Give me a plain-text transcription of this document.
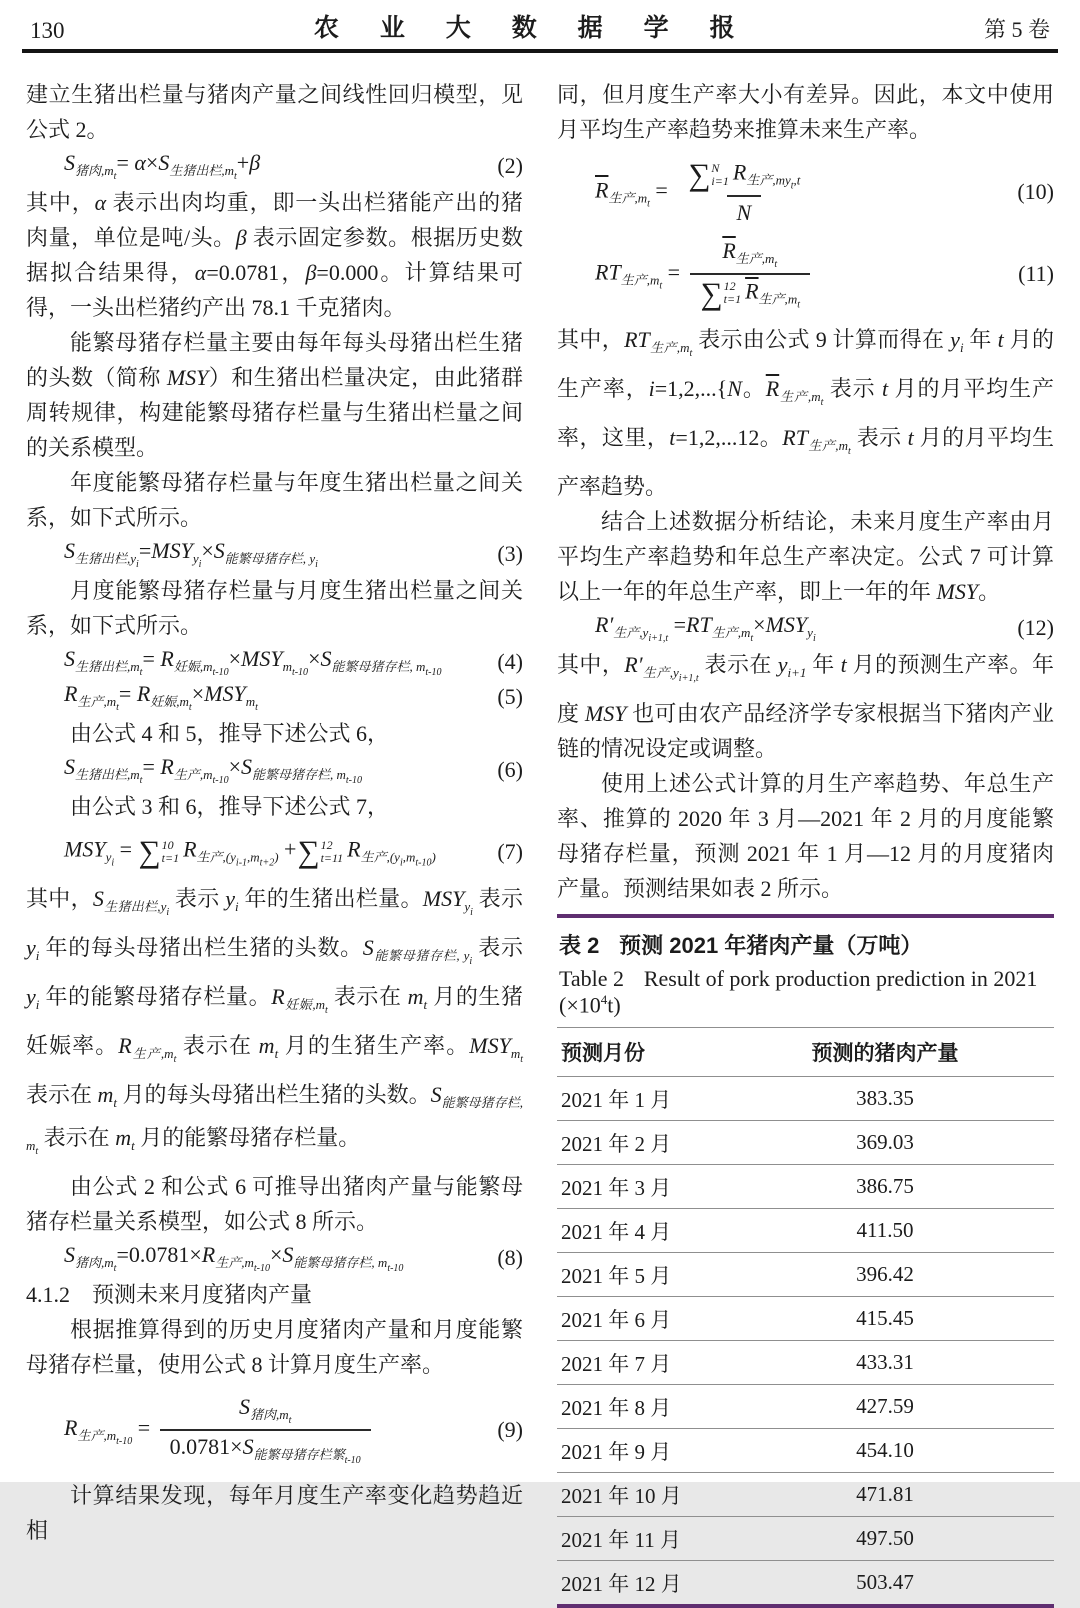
130	农 业 大 数 据 学 报	第 5 卷

建立生猪出栏量与猪肉产量之间线性回归模型，见公式 2。

$S_{猪肉,mt}= \alpha\times S_{生猪出栏,mt}+\beta$	(2)

其中，α 表示出肉均重，即一头出栏猪能产出的猪肉量，单位是吨/头。β 表示固定参数。根据历史数据拟合结果得，α=0.0781，β=0.000。计算结果可得，一头出栏猪约产出 78.1 千克猪肉。

能繁母猪存栏量主要由每年每头母猪出栏生猪的头数（简称 MSY）和生猪出栏量决定，由此猪群周转规律，构建能繁母猪存栏量与生猪出栏量之间的关系模型。

年度能繁母猪存栏量与年度生猪出栏量之间关系，如下式所示。

$S_{生猪出栏,yi}=MSY_{yi}\times S_{能繁母猪存栏,}$ $_{yi}$	(3)

月度能繁母猪存栏量与月度生猪出栏量之间关系，如下式所示。

$S_{生猪出栏,mt}= R_{妊娠,mt-10}\times MSY_{mt-10}\times S_{能繁母猪存栏,}$ $_{mt-10}$	(4)
$R_{生产,mt}= R_{妊娠,mt}\times MSY_{mt}$	(5)

由公式 4 和 5，推导下述公式 6，

$S_{生猪出栏,mt}= R_{生产,mt-10}\times S_{能繁母猪存栏,}$ $_{mt-10}$	(6)

由公式 3 和 6，推导下述公式 7，

$MSY_{yi}$ = ∑ 10
t=1 $R_{生产,(yi-1,mt+2)}$ + ∑ 12
t=11 $R_{生产,(yi,mt-10)}$	(7)

其中，$S_{生猪出栏,yi}$ 表示 $y_i$ 年的生猪出栏量。$MSY_{yi}$ 表示 $y_i$ 年的每头母猪出栏生猪的头数。$S_{能繁母猪存栏,}$ $_{yi}$ 表示 $y_i$ 年的能繁母猪存栏量。$R_{妊娠,mt}$ 表示在 $m_t$ 月的生猪妊娠率。$R_{生产,mt}$ 表示在 $m_t$ 月的生猪生产率。$MSY_{mt}$ 表示在 $m_t$ 月的每头母猪出栏生猪的头数。$S_{能繁母猪存栏,}$ $_{mt}$ 表示在 $m_t$ 月的能繁母猪存栏量。

由公式 2 和公式 6 可推导出猪肉产量与能繁母猪存栏量关系模型，如公式 8 所示。

$S_{猪肉,mt}=0.0781\times R_{生产,mt-10}\times S_{能繁母猪存栏,}$ $_{mt-10}$	(8)

4.1.2　预测未来月度猪肉产量

根据推算得到的历史月度猪肉产量和月度能繁母猪存栏量，使用公式 8 计算月度生产率。

$R_{生产,mt-10} = \frac{S_{猪肉,mt}}{0.0781\times S_{能繁母猪存栏繁t-10}}$	(9)

计算结果发现，每年月度生产率变化趋势趋近相

同，但月度生产率大小有差异。因此，本文中使用月平均生产率趋势来推算未来生产率。

$\overline{R}_{生产,mt}$ = ∑ N
i=1 $R_{生产,myt,t}$
N	(10)
$RT_{生产,mt} = \overline{R}_{生产,mt}$
∑ 12
t=1 $\overline{R}_{生产,mt}$	(11)

其中，$RT_{生产,mt}$ 表示由公式 9 计算而得在 $y_i$ 年 t 月的生产率，i=1,2,...{N。$\overline{R}_{生产,mt}$ 表示 t 月的月平均生产率，这里，t=1,2,...12。$RT_{生产,mt}$ 表示 t 月的月平均生产率趋势。

结合上述数据分析结论，未来月度生产率由月平均生产率趋势和年总生产率决定。公式 7 可计算以上一年的年总生产率，即上一年的年 MSY。

$R'_{生产,yi+1,t} =RT_{生产,mt}\times MSY_{yi}$	(12)

其中，$R'_{生产,yi+1,t}$ 表示在 $y_{i+1}$ 年 t 月的预测生产率。年度 MSY 也可由农产品经济学专家根据当下猪肉产业链的情况设定或调整。

使用上述公式计算的月生产率趋势、年总生产率、推算的 2020 年 3 月—2021 年 2 月的月度能繁母猪存栏量，预测 2021 年 1 月—12 月的月度猪肉产量。预测结果如表 2 所示。

表 2 预测 2021 年猪肉产量（万吨）
Table 2 Result of pork production prediction in 2021 $(\times 10^4t)$
预测月份	预测的猪肉产量
2021 年 1 月	383.35
2021 年 2 月	369.03
2021 年 3 月	386.75
2021 年 4 月	411.50
2021 年 5 月	396.42
2021 年 6 月	415.45
2021 年 7 月	433.31
2021 年 8 月	427.59
2021 年 9 月	454.10
2021 年 10 月	471.81
2021 年 11 月	497.50
2021 年 12 月	503.47
